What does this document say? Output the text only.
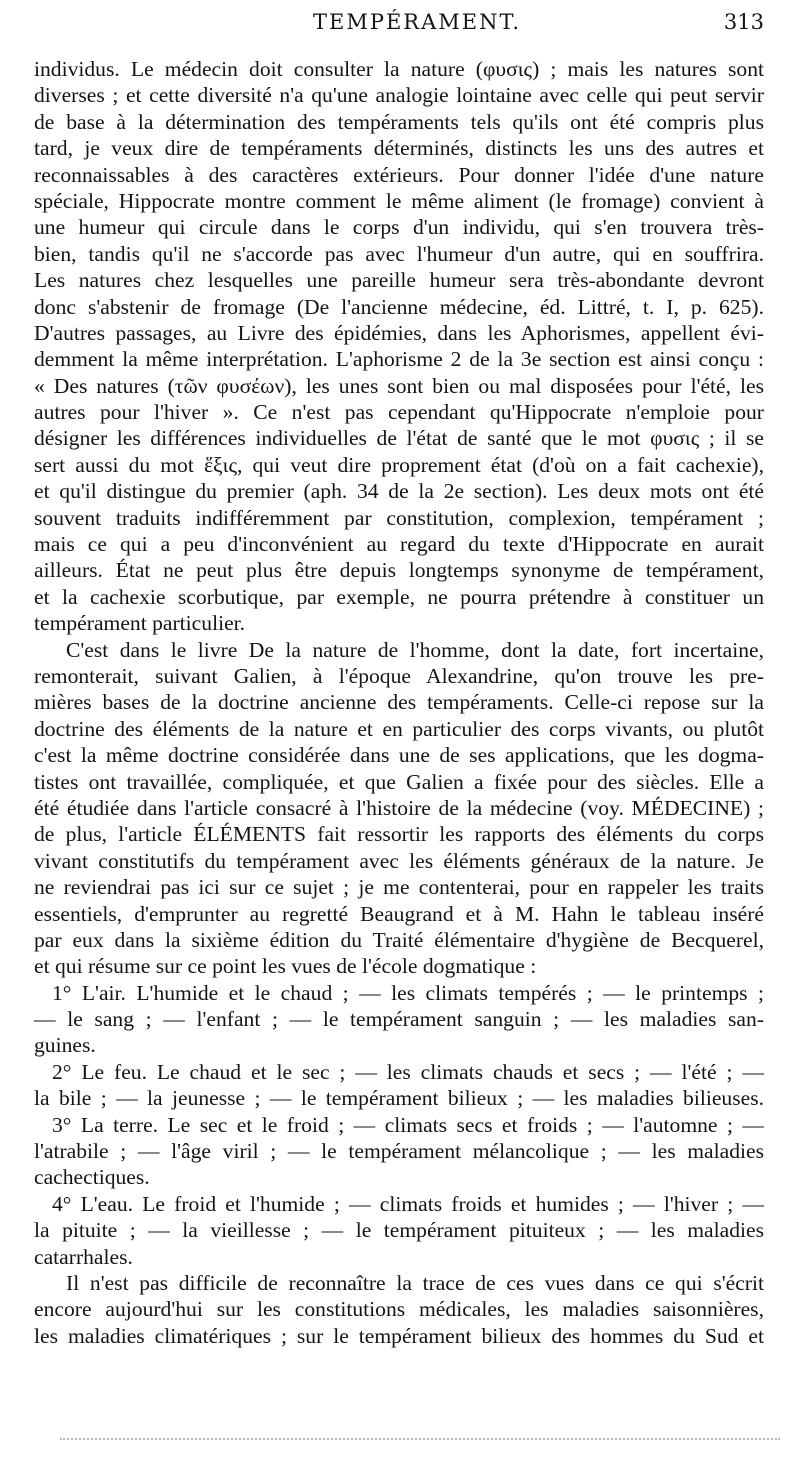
TEMPÉRAMENT.	313
individus. Le médecin doit consulter la nature (φυσις) ; mais les natures sont
diverses ; et cette diversité n'a qu'une analogie lointaine avec celle qui peut servir
de base à la détermination des tempéraments tels qu'ils ont été compris plus
tard, je veux dire de tempéraments déterminés, distincts les uns des autres et
reconnaissables à des caractères extérieurs. Pour donner l'idée d'une nature
spéciale, Hippocrate montre comment le même aliment (le fromage) convient à
une humeur qui circule dans le corps d'un individu, qui s'en trouvera très-
bien, tandis qu'il ne s'accorde pas avec l'humeur d'un autre, qui en souffrira.
Les natures chez lesquelles une pareille humeur sera très-abondante devront
donc s'abstenir de fromage (De l'ancienne médecine, éd. Littré, t. I, p. 625).
D'autres passages, au Livre des épidémies, dans les Aphorismes, appellent évi-
demment la même interprétation. L'aphorisme 2 de la 3e section est ainsi conçu :
« Des natures (τῶν φυσέων), les unes sont bien ou mal disposées pour l'été, les
autres pour l'hiver ». Ce n'est pas cependant qu'Hippocrate n'emploie pour
désigner les différences individuelles de l'état de santé que le mot φυσις ; il se
sert aussi du mot ἕξις, qui veut dire proprement état (d'où on a fait cachexie),
et qu'il distingue du premier (aph. 34 de la 2e section). Les deux mots ont été
souvent traduits indifféremment par constitution, complexion, tempérament ;
mais ce qui a peu d'inconvénient au regard du texte d'Hippocrate en aurait
ailleurs. État ne peut plus être depuis longtemps synonyme de tempérament,
et la cachexie scorbutique, par exemple, ne pourra prétendre à constituer un
tempérament particulier.
C'est dans le livre De la nature de l'homme, dont la date, fort incertaine,
remonterait, suivant Galien, à l'époque Alexandrine, qu'on trouve les pre-
mières bases de la doctrine ancienne des tempéraments. Celle-ci repose sur la
doctrine des éléments de la nature et en particulier des corps vivants, ou plutôt
c'est la même doctrine considérée dans une de ses applications, que les dogma-
tistes ont travaillée, compliquée, et que Galien a fixée pour des siècles. Elle a
été étudiée dans l'article consacré à l'histoire de la médecine (voy. MÉDECINE) ;
de plus, l'article ÉLÉMENTS fait ressortir les rapports des éléments du corps
vivant constitutifs du tempérament avec les éléments généraux de la nature. Je
ne reviendrai pas ici sur ce sujet ; je me contenterai, pour en rappeler les traits
essentiels, d'emprunter au regretté Beaugrand et à M. Hahn le tableau inséré
par eux dans la sixième édition du Traité élémentaire d'hygiène de Becquerel,
et qui résume sur ce point les vues de l'école dogmatique :
1° L'air. L'humide et le chaud ; — les climats tempérés ; — le printemps ;
— le sang ; — l'enfant ; — le tempérament sanguin ; — les maladies san-
guines.
2° Le feu. Le chaud et le sec ; — les climats chauds et secs ; — l'été ; —
la bile ; — la jeunesse ; — le tempérament bilieux ; — les maladies bilieuses.
3° La terre. Le sec et le froid ; — climats secs et froids ; — l'automne ; —
l'atrabile ; — l'âge viril ; — le tempérament mélancolique ; — les maladies
cachectiques.
4° L'eau. Le froid et l'humide ; — climats froids et humides ; — l'hiver ; —
la pituite ; — la vieillesse ; — le tempérament pituiteux ; — les maladies
catarrhales.
Il n'est pas difficile de reconnaître la trace de ces vues dans ce qui s'écrit
encore aujourd'hui sur les constitutions médicales, les maladies saisonnières,
les maladies climatériques ; sur le tempérament bilieux des hommes du Sud et
